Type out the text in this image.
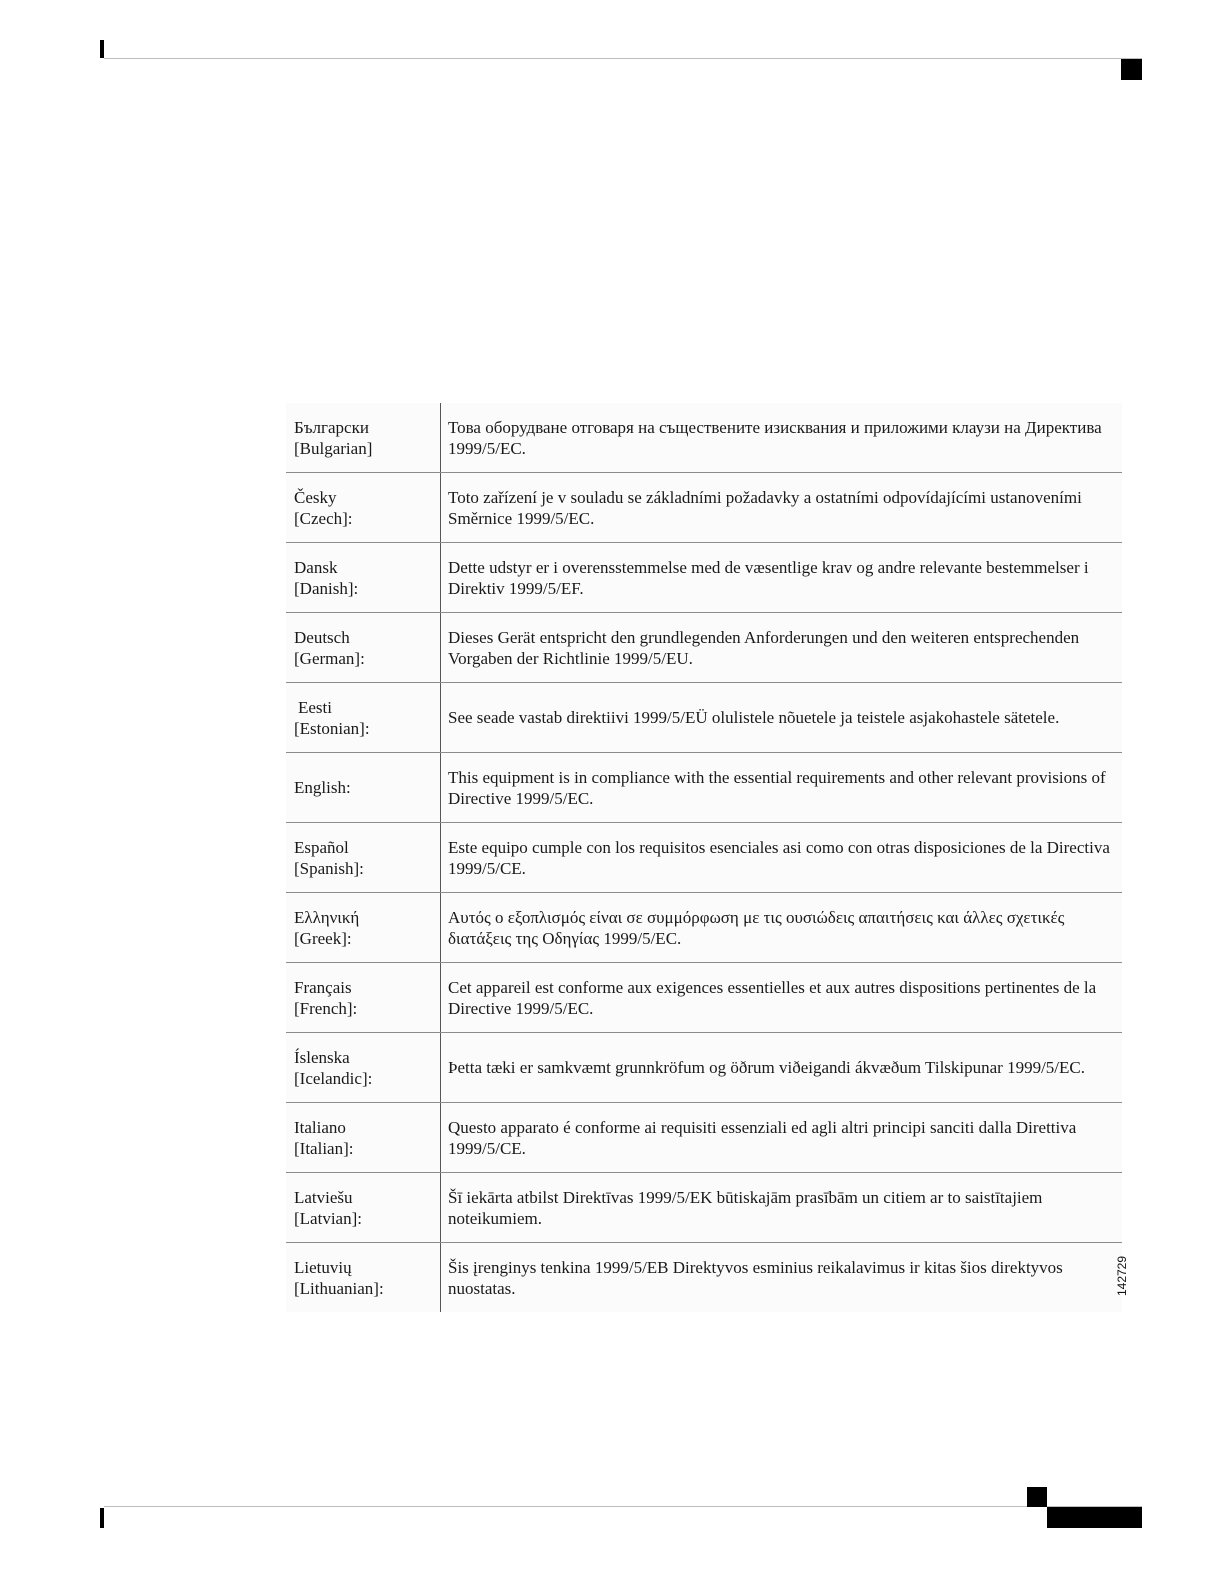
Български
[Bulgarian]	Това оборудване отговаря на съществените изисквания и приложими клаузи на Директива 1999/5/EC.

Česky
[Czech]:	Toto zařízení je v souladu se základními požadavky a ostatními odpovídajícími ustanoveními Směrnice 1999/5/EC.

Dansk
[Danish]:	Dette udstyr er i overensstemmelse med de væsentlige krav og andre relevante bestemmelser i Direktiv 1999/5/EF.

Deutsch
[German]:	Dieses Gerät entspricht den grundlegenden Anforderungen und den weiteren entsprechenden Vorgaben der Richtlinie 1999/5/EU.

Eesti
[Estonian]:	See seade vastab direktiivi 1999/5/EÜ olulistele nõuetele ja teistele asjakohastele sätetele.

English:	This equipment is in compliance with the essential requirements and other relevant provisions of Directive 1999/5/EC.

Español
[Spanish]:	Este equipo cumple con los requisitos esenciales asi como con otras disposiciones de la Directiva 1999/5/CE.

Ελληνική
[Greek]:	Αυτός ο εξοπλισμός είναι σε συμμόρφωση με τις ουσιώδεις απαιτήσεις και άλλες σχετικές διατάξεις της Οδηγίας 1999/5/EC.

Français
[French]:	Cet appareil est conforme aux exigences essentielles et aux autres dispositions pertinentes de la Directive 1999/5/EC.

Íslenska
[Icelandic]:	Þetta tæki er samkvæmt grunnkröfum og öðrum viðeigandi ákvæðum Tilskipunar 1999/5/EC.

Italiano
[Italian]:	Questo apparato é conforme ai requisiti essenziali ed agli altri principi sanciti dalla Direttiva 1999/5/CE.

Latviešu
[Latvian]:	Šī iekārta atbilst Direktīvas 1999/5/EK būtiskajām prasībām un citiem ar to saistītajiem noteikumiem.

Lietuvių
[Lithuanian]:	Šis įrenginys tenkina 1999/5/EB Direktyvos esminius reikalavimus ir kitas šios direktyvos nuostatas.	142729
